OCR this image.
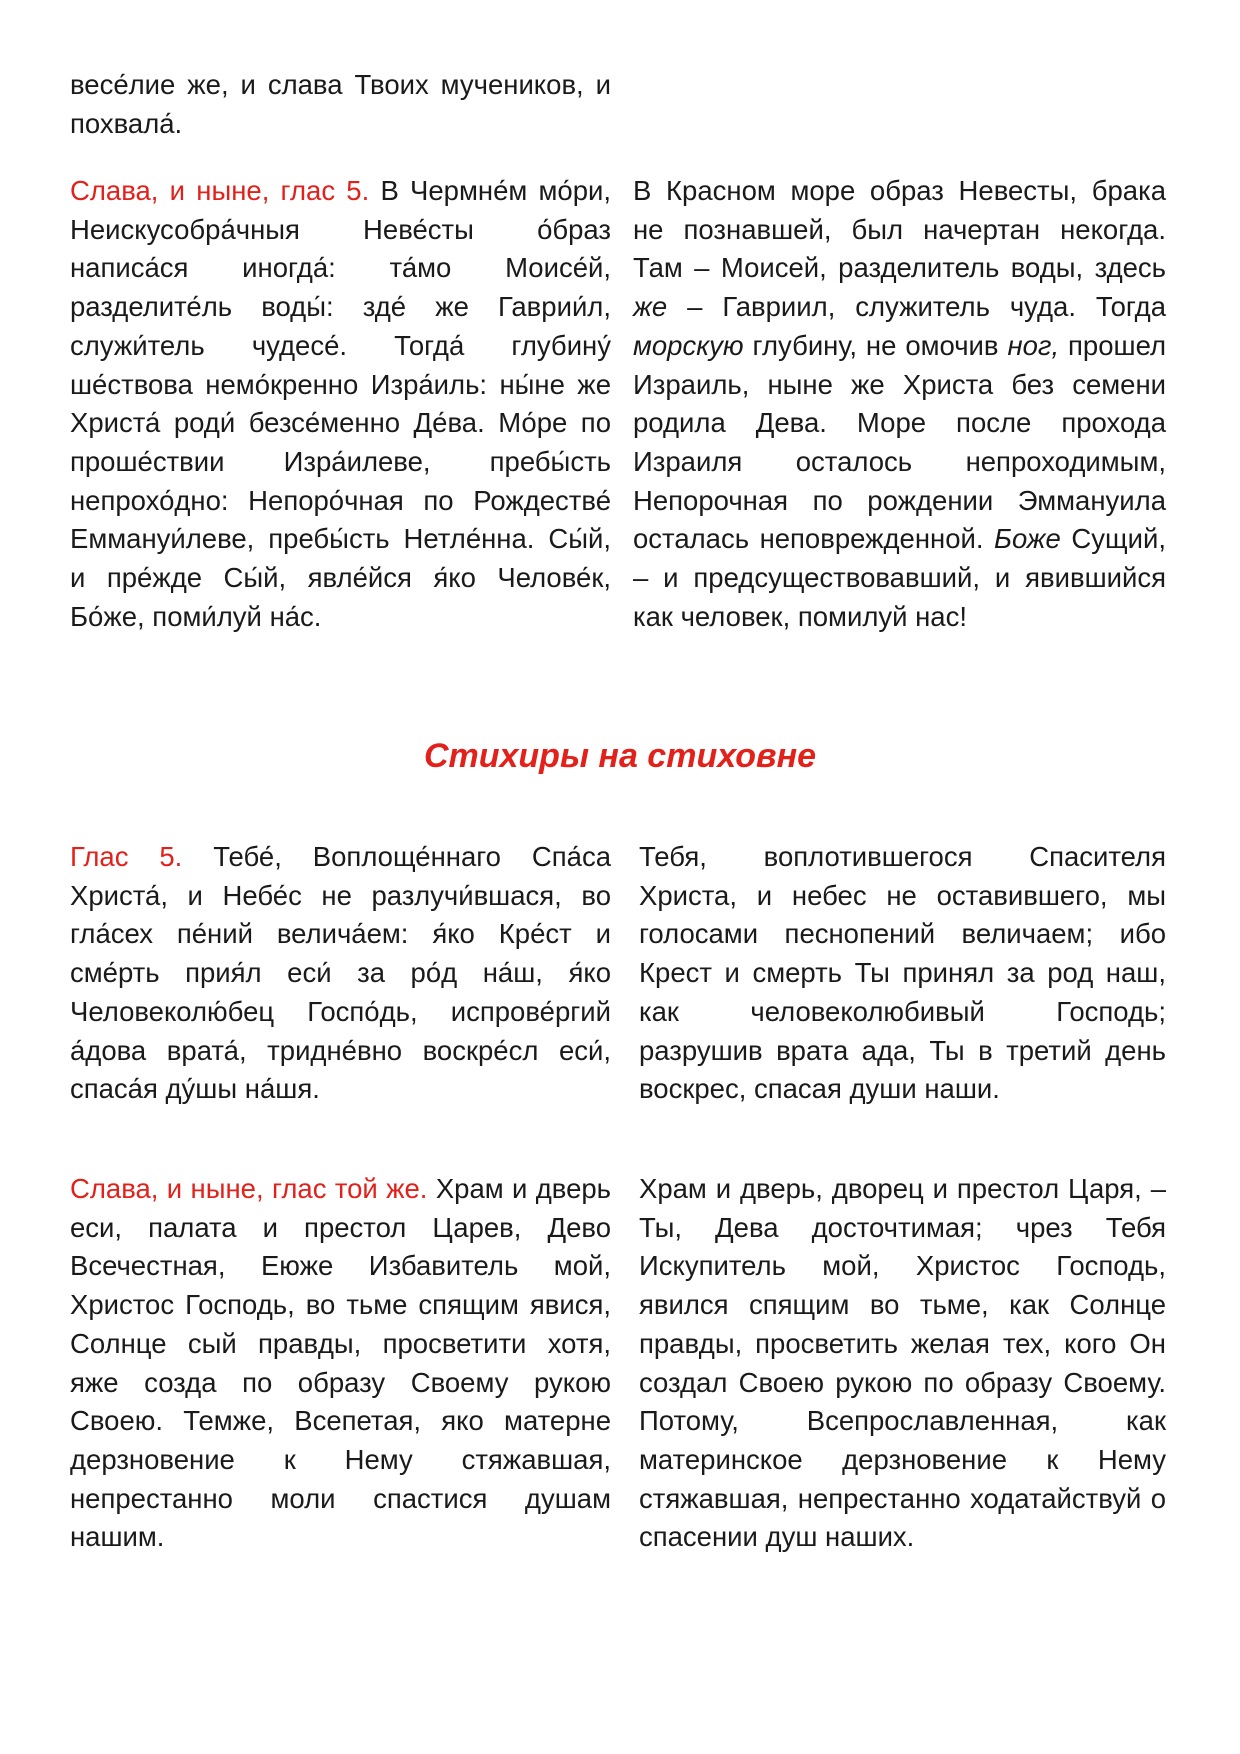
весе́лие же, и слава Твоих мучеников, и похвала́.

Слава, и ныне, глас 5. В Чермне́м мо́ри, Неискусобра́чныя Неве́сты о́браз написа́ся иногда́: та́мо Моисе́й, разделите́ль воды́: зде́ же Гаврии́л, служи́тель чудесе́. Тогда́ глубину́ ше́ствова немо́кренно Изра́иль: ны́не же Христа́ роди́ безсе́менно Де́ва. Мо́ре по проше́ствии Изра́илеве, пребы́сть непрохо́дно: Непоро́чная по Рождестве́ Еммануи́леве, пребы́сть Нетле́нна. Сы́й, и пре́жде Сы́й, явле́йся я́ко Челове́к, Бо́же, поми́луй на́с.

В Красном море образ Невесты, брака не познавшей, был начертан некогда. Там – Моисей, разделитель воды, здесь же – Гавриил, служитель чуда. Тогда морскую глубину, не омочив ног, прошел Израиль, ныне же Христа без семени родила Дева. Море после прохода Израиля осталось непроходимым, Непорочная по рождении Эммануила осталась неповрежденной. Боже Сущий, – и предсуществовавший, и явившийся как человек, помилуй нас!

Стихиры на стиховне

Глас 5. Тебе́, Воплоще́ннаго Спа́са Христа́, и Небе́с не разлучи́вшася, во гла́сех пе́ний велича́ем: я́ко Кре́ст и сме́рть прия́л еси́ за ро́д на́ш, я́ко Человеколю́бец Госпо́дь, испрове́ргий а́дова врата́, тридне́вно воскре́сл еси́, спаса́я ду́шы на́шя.

Тебя, воплотившегося Спасителя Христа, и небес не оставившего, мы голосами песнопений величаем; ибо Крест и смерть Ты принял за род наш, как человеколюбивый Господь; разрушив врата ада, Ты в третий день воскрес, спасая души наши.

Слава, и ныне, глас той же. Храм и дверь еси, палата и престол Царев, Дево Всечестная, Еюже Избавитель мой, Христос Господь, во тьме спящим явися, Солнце сый правды, просветити хотя, яже созда по образу Своему рукою Своею. Темже, Всепетая, яко матерне дерзновение к Нему стяжавшая, непрестанно моли спастися душам нашим.

Храм и дверь, дворец и престол Царя, – Ты, Дева досточтимая; чрез Тебя Искупитель мой, Христос Господь, явился спящим во тьме, как Солнце правды, просветить желая тех, кого Он создал Своею рукою по образу Своему. Потому, Всепрославленная, как материнское дерзновение к Нему стяжавшая, непрестанно ходатайствуй о спасении душ наших.
